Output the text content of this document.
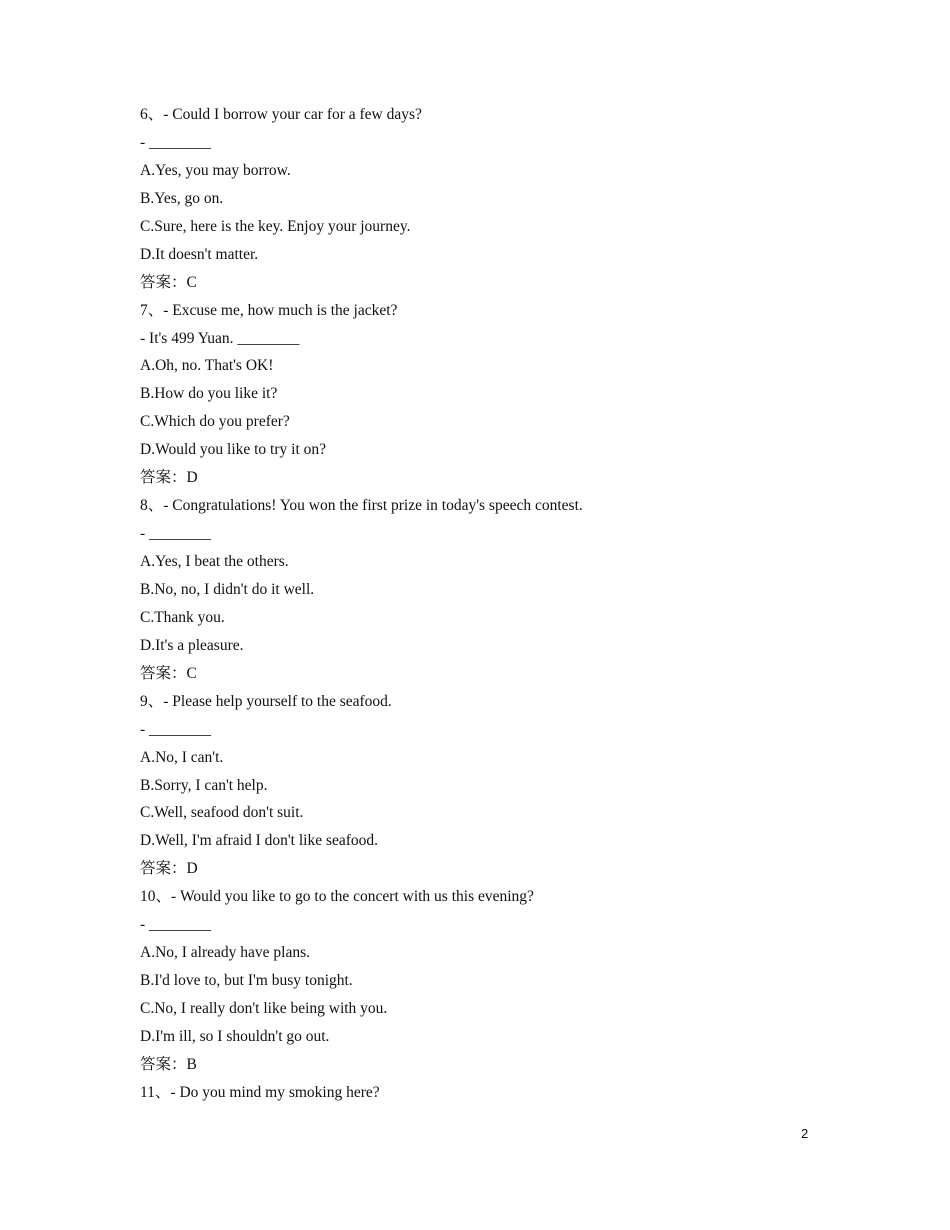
6、- Could I borrow your car for a few days?
- ________
A.Yes, you may borrow.
B.Yes, go on.
C.Sure, here is the key. Enjoy your journey.
D.It doesn't matter.
答案：C
7、- Excuse me, how much is the jacket?
- It's 499 Yuan. ________
A.Oh, no. That's OK!
B.How do you like it?
C.Which do you prefer?
D.Would you like to try it on?
答案：D
8、- Congratulations! You won the first prize in today's speech contest.
- ________
A.Yes, I beat the others.
B.No, no, I didn't do it well.
C.Thank you.
D.It's a pleasure.
答案：C
9、- Please help yourself to the seafood.
- ________
A.No, I can't.
B.Sorry, I can't help.
C.Well, seafood don't suit.
D.Well, I'm afraid I don't like seafood.
答案：D
10、- Would you like to go to the concert with us this evening?
- ________
A.No, I already have plans.
B.I'd love to, but I'm busy tonight.
C.No, I really don't like being with you.
D.I'm ill, so I shouldn't go out.
答案：B
11、- Do you mind my smoking here?
2
